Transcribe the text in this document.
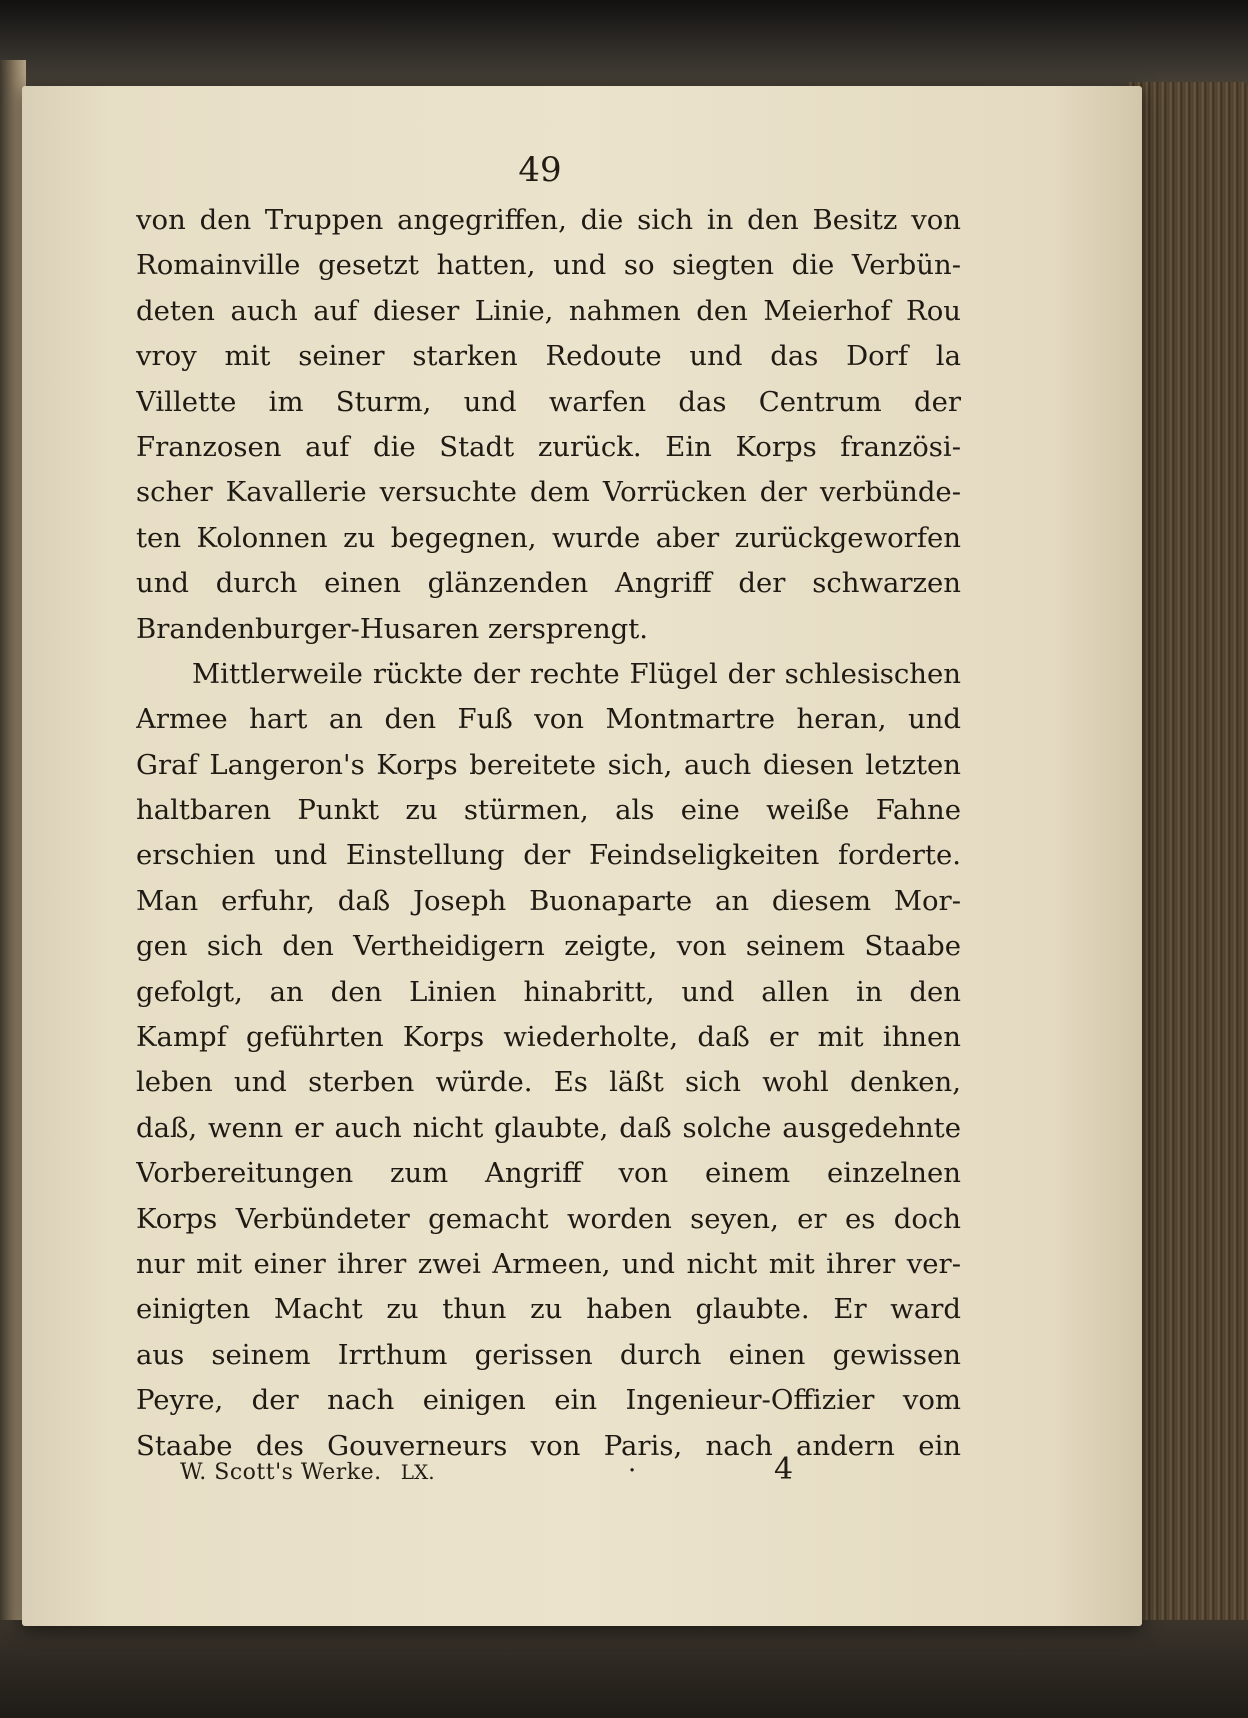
49
von den Truppen angegriffen, die sich in den Besitz von
Romainville gesetzt hatten, und so siegten die Verbün-
deten auch auf dieser Linie, nahmen den Meierhof Rou
vroy mit seiner starken Redoute und das Dorf la
Villette im Sturm, und warfen das Centrum der
Franzosen auf die Stadt zurück. Ein Korps französi-
scher Kavallerie versuchte dem Vorrücken der verbünde-
ten Kolonnen zu begegnen, wurde aber zurückgeworfen
und durch einen glänzenden Angriff der schwarzen
Brandenburger-Husaren zersprengt.
Mittlerweile rückte der rechte Flügel der schlesischen
Armee hart an den Fuß von Montmartre heran, und
Graf Langeron's Korps bereitete sich, auch diesen letzten
haltbaren Punkt zu stürmen, als eine weiße Fahne
erschien und Einstellung der Feindseligkeiten forderte.
Man erfuhr, daß Joseph Buonaparte an diesem Mor-
gen sich den Vertheidigern zeigte, von seinem Staabe
gefolgt, an den Linien hinabritt, und allen in den
Kampf geführten Korps wiederholte, daß er mit ihnen
leben und sterben würde. Es läßt sich wohl denken,
daß, wenn er auch nicht glaubte, daß solche ausgedehnte
Vorbereitungen zum Angriff von einem einzelnen
Korps Verbündeter gemacht worden seyen, er es doch
nur mit einer ihrer zwei Armeen, und nicht mit ihrer ver-
einigten Macht zu thun zu haben glaubte. Er ward
aus seinem Irrthum gerissen durch einen gewissen
Peyre, der nach einigen ein Ingenieur-Offizier vom
Staabe des Gouverneurs von Paris, nach andern ein
W. Scott's Werke. LX.	·	4
